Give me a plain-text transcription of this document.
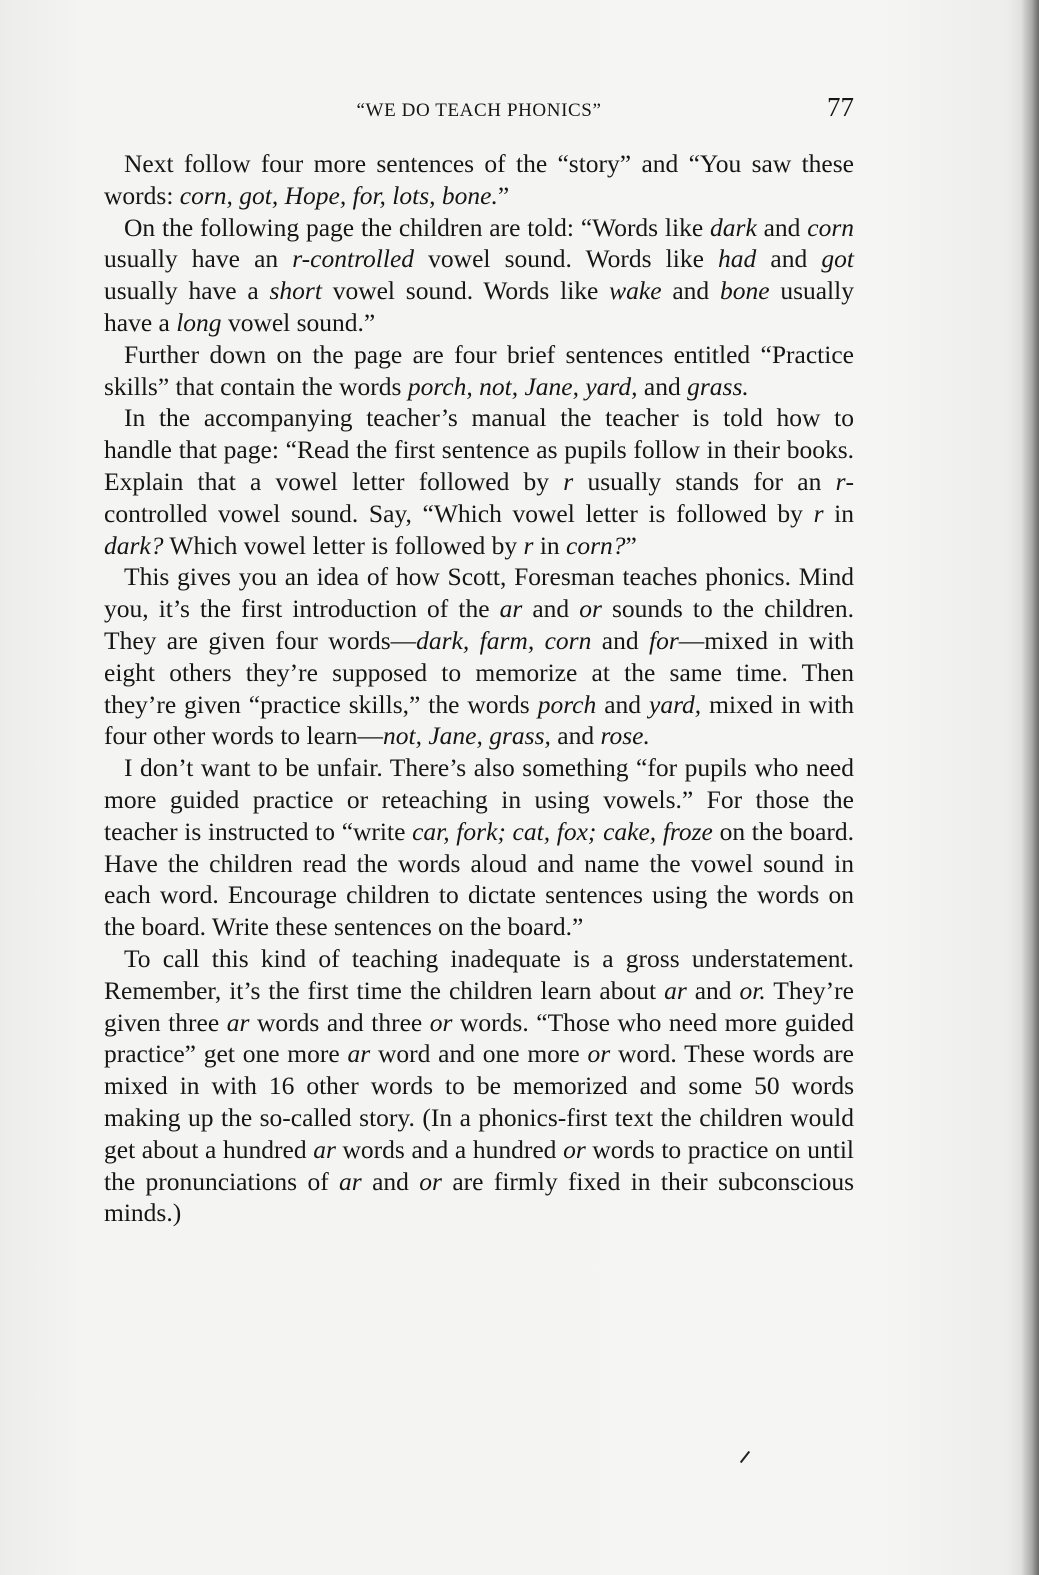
“WE DO TEACH PHONICS”	77

Next follow four more sentences of the “story” and “You saw these words: corn, got, Hope, for, lots, bone.”

On the following page the children are told: “Words like dark and corn usually have an r-controlled vowel sound. Words like had and got usually have a short vowel sound. Words like wake and bone usually have a long vowel sound.”

Further down on the page are four brief sentences entitled “Practice skills” that contain the words porch, not, Jane, yard, and grass.

In the accompanying teacher’s manual the teacher is told how to handle that page: “Read the first sentence as pupils follow in their books. Explain that a vowel letter followed by r usually stands for an r-controlled vowel sound. Say, “Which vowel letter is followed by r in dark? Which vowel letter is followed by r in corn?”

This gives you an idea of how Scott, Foresman teaches phonics. Mind you, it’s the first introduction of the ar and or sounds to the children. They are given four words—dark, farm, corn and for—mixed in with eight others they’re supposed to memorize at the same time. Then they’re given “practice skills,” the words porch and yard, mixed in with four other words to learn—not, Jane, grass, and rose.

I don’t want to be unfair. There’s also something “for pupils who need more guided practice or reteaching in using vowels.” For those the teacher is instructed to “write car, fork; cat, fox; cake, froze on the board. Have the children read the words aloud and name the vowel sound in each word. Encourage children to dictate sentences using the words on the board. Write these sentences on the board.”

To call this kind of teaching inadequate is a gross understatement. Remember, it’s the first time the children learn about ar and or. They’re given three ar words and three or words. “Those who need more guided practice” get one more ar word and one more or word. These words are mixed in with 16 other words to be memorized and some 50 words making up the so-called story. (In a phonics-first text the children would get about a hundred ar words and a hundred or words to practice on until the pronunciations of ar and or are firmly fixed in their subconscious minds.)
